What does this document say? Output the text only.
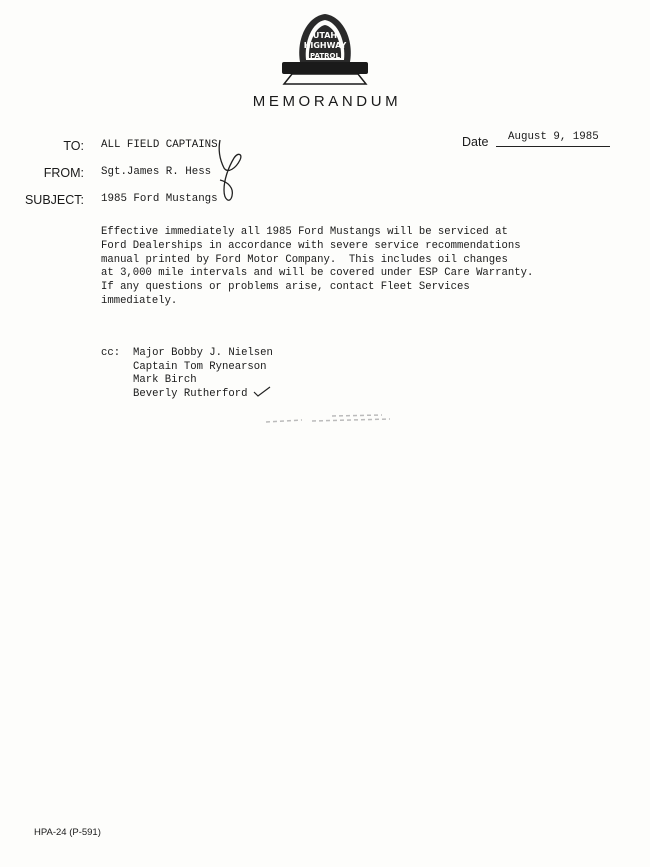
UTAH
HIGHWAY
PATROL
MEMORANDUM
TO: ALL FIELD CAPTAINS
FROM: Sgt.James R. Hess
SUBJECT: 1985 Ford Mustangs
Date August 9, 1985
Effective immediately all 1985 Ford Mustangs will be serviced at
Ford Dealerships in accordance with severe service recommendations
manual printed by Ford Motor Company.  This includes oil changes
at 3,000 mile intervals and will be covered under ESP Care Warranty.
If any questions or problems arise, contact Fleet Services
immediately.
cc: Major Bobby J. Nielsen
Captain Tom Rynearson
Mark Birch
Beverly Rutherford
HPA-24 (P-591)
